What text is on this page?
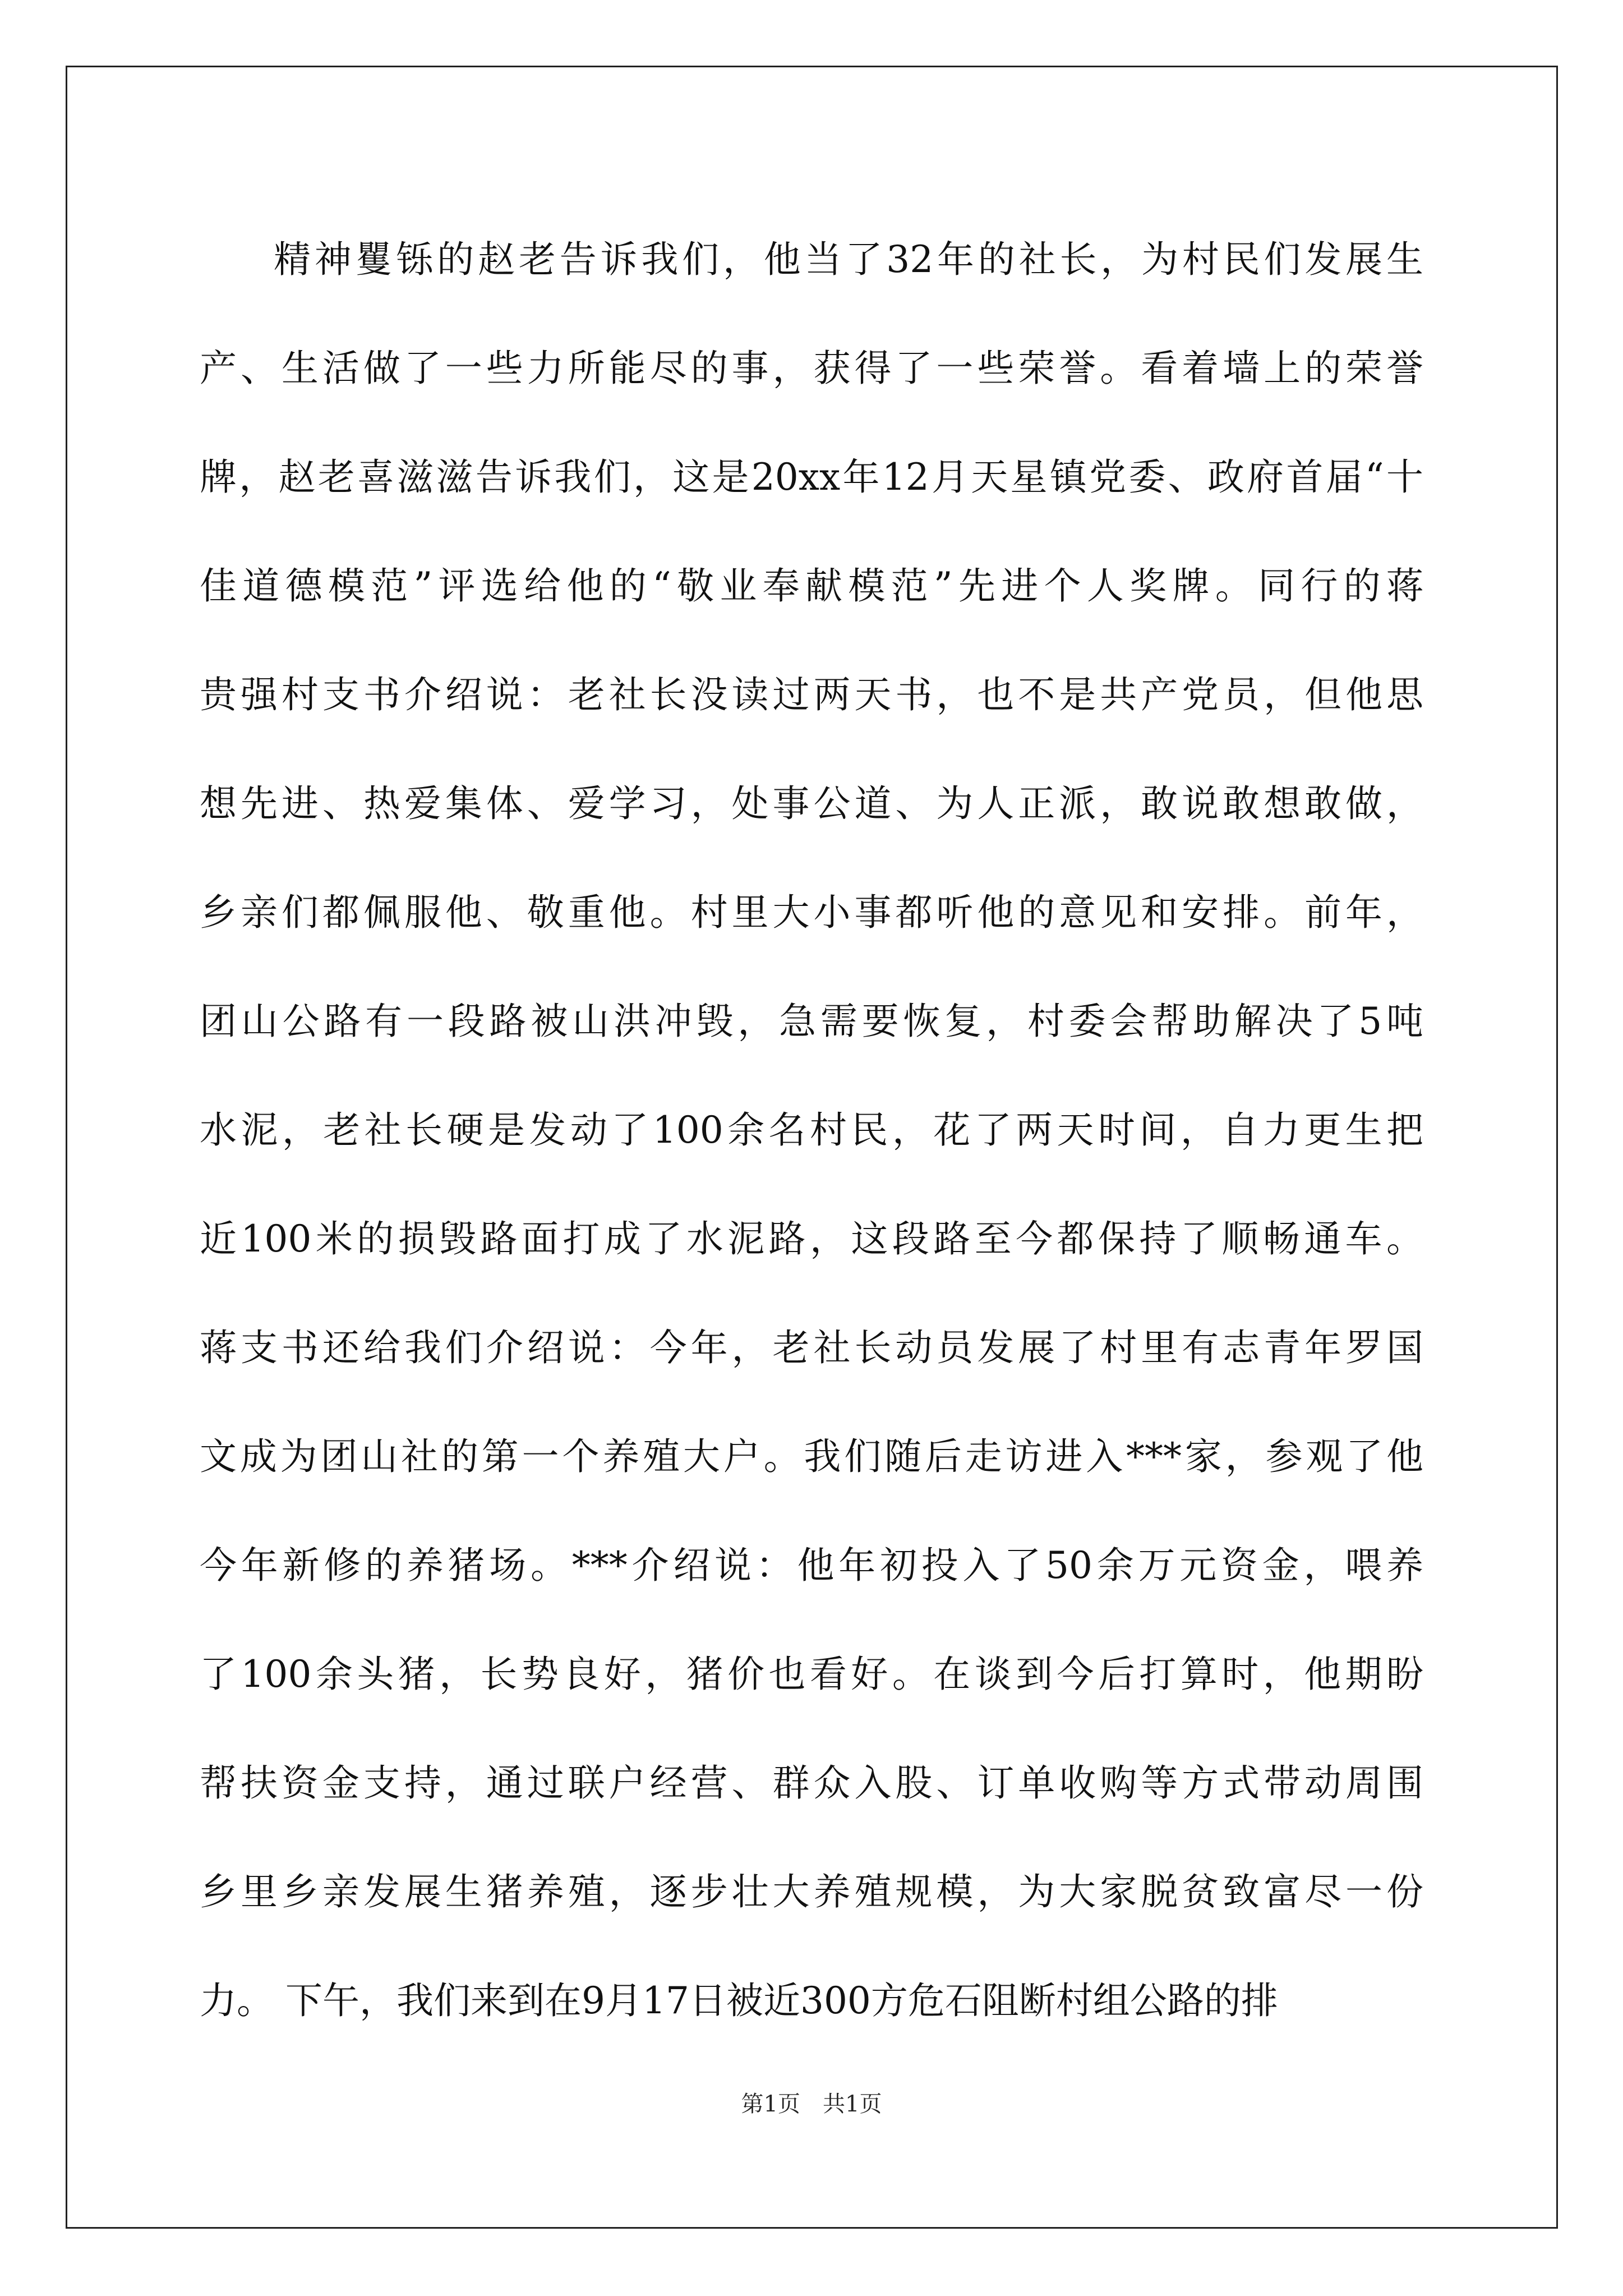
精神矍铄的赵老告诉我们，他当了32年的社长，为村民们发展生
产、生活做了一些力所能尽的事，获得了一些荣誉。看着墙上的荣誉
牌，赵老喜滋滋告诉我们，这是20xx年12月天星镇党委、政府首届“十
佳道德模范”评选给他的“敬业奉献模范”先进个人奖牌。同行的蒋
贵强村支书介绍说：老社长没读过两天书，也不是共产党员，但他思
想先进、热爱集体、爱学习，处事公道、为人正派，敢说敢想敢做，
乡亲们都佩服他、敬重他。村里大小事都听他的意见和安排。前年，
团山公路有一段路被山洪冲毁，急需要恢复，村委会帮助解决了5吨
水泥，老社长硬是发动了100余名村民，花了两天时间，自力更生把
近100米的损毁路面打成了水泥路，这段路至今都保持了顺畅通车。
蒋支书还给我们介绍说：今年，老社长动员发展了村里有志青年罗国
文成为团山社的第一个养殖大户。我们随后走访进入***家，参观了他
今年新修的养猪场。***介绍说：他年初投入了50余万元资金，喂养
了100余头猪，长势良好，猪价也看好。在谈到今后打算时，他期盼
帮扶资金支持，通过联户经营、群众入股、订单收购等方式带动周围
乡里乡亲发展生猪养殖，逐步壮大养殖规模，为大家脱贫致富尽一份
力。 下午，我们来到在9月17日被近300方危石阻断村组公路的排
第1页 共1页
